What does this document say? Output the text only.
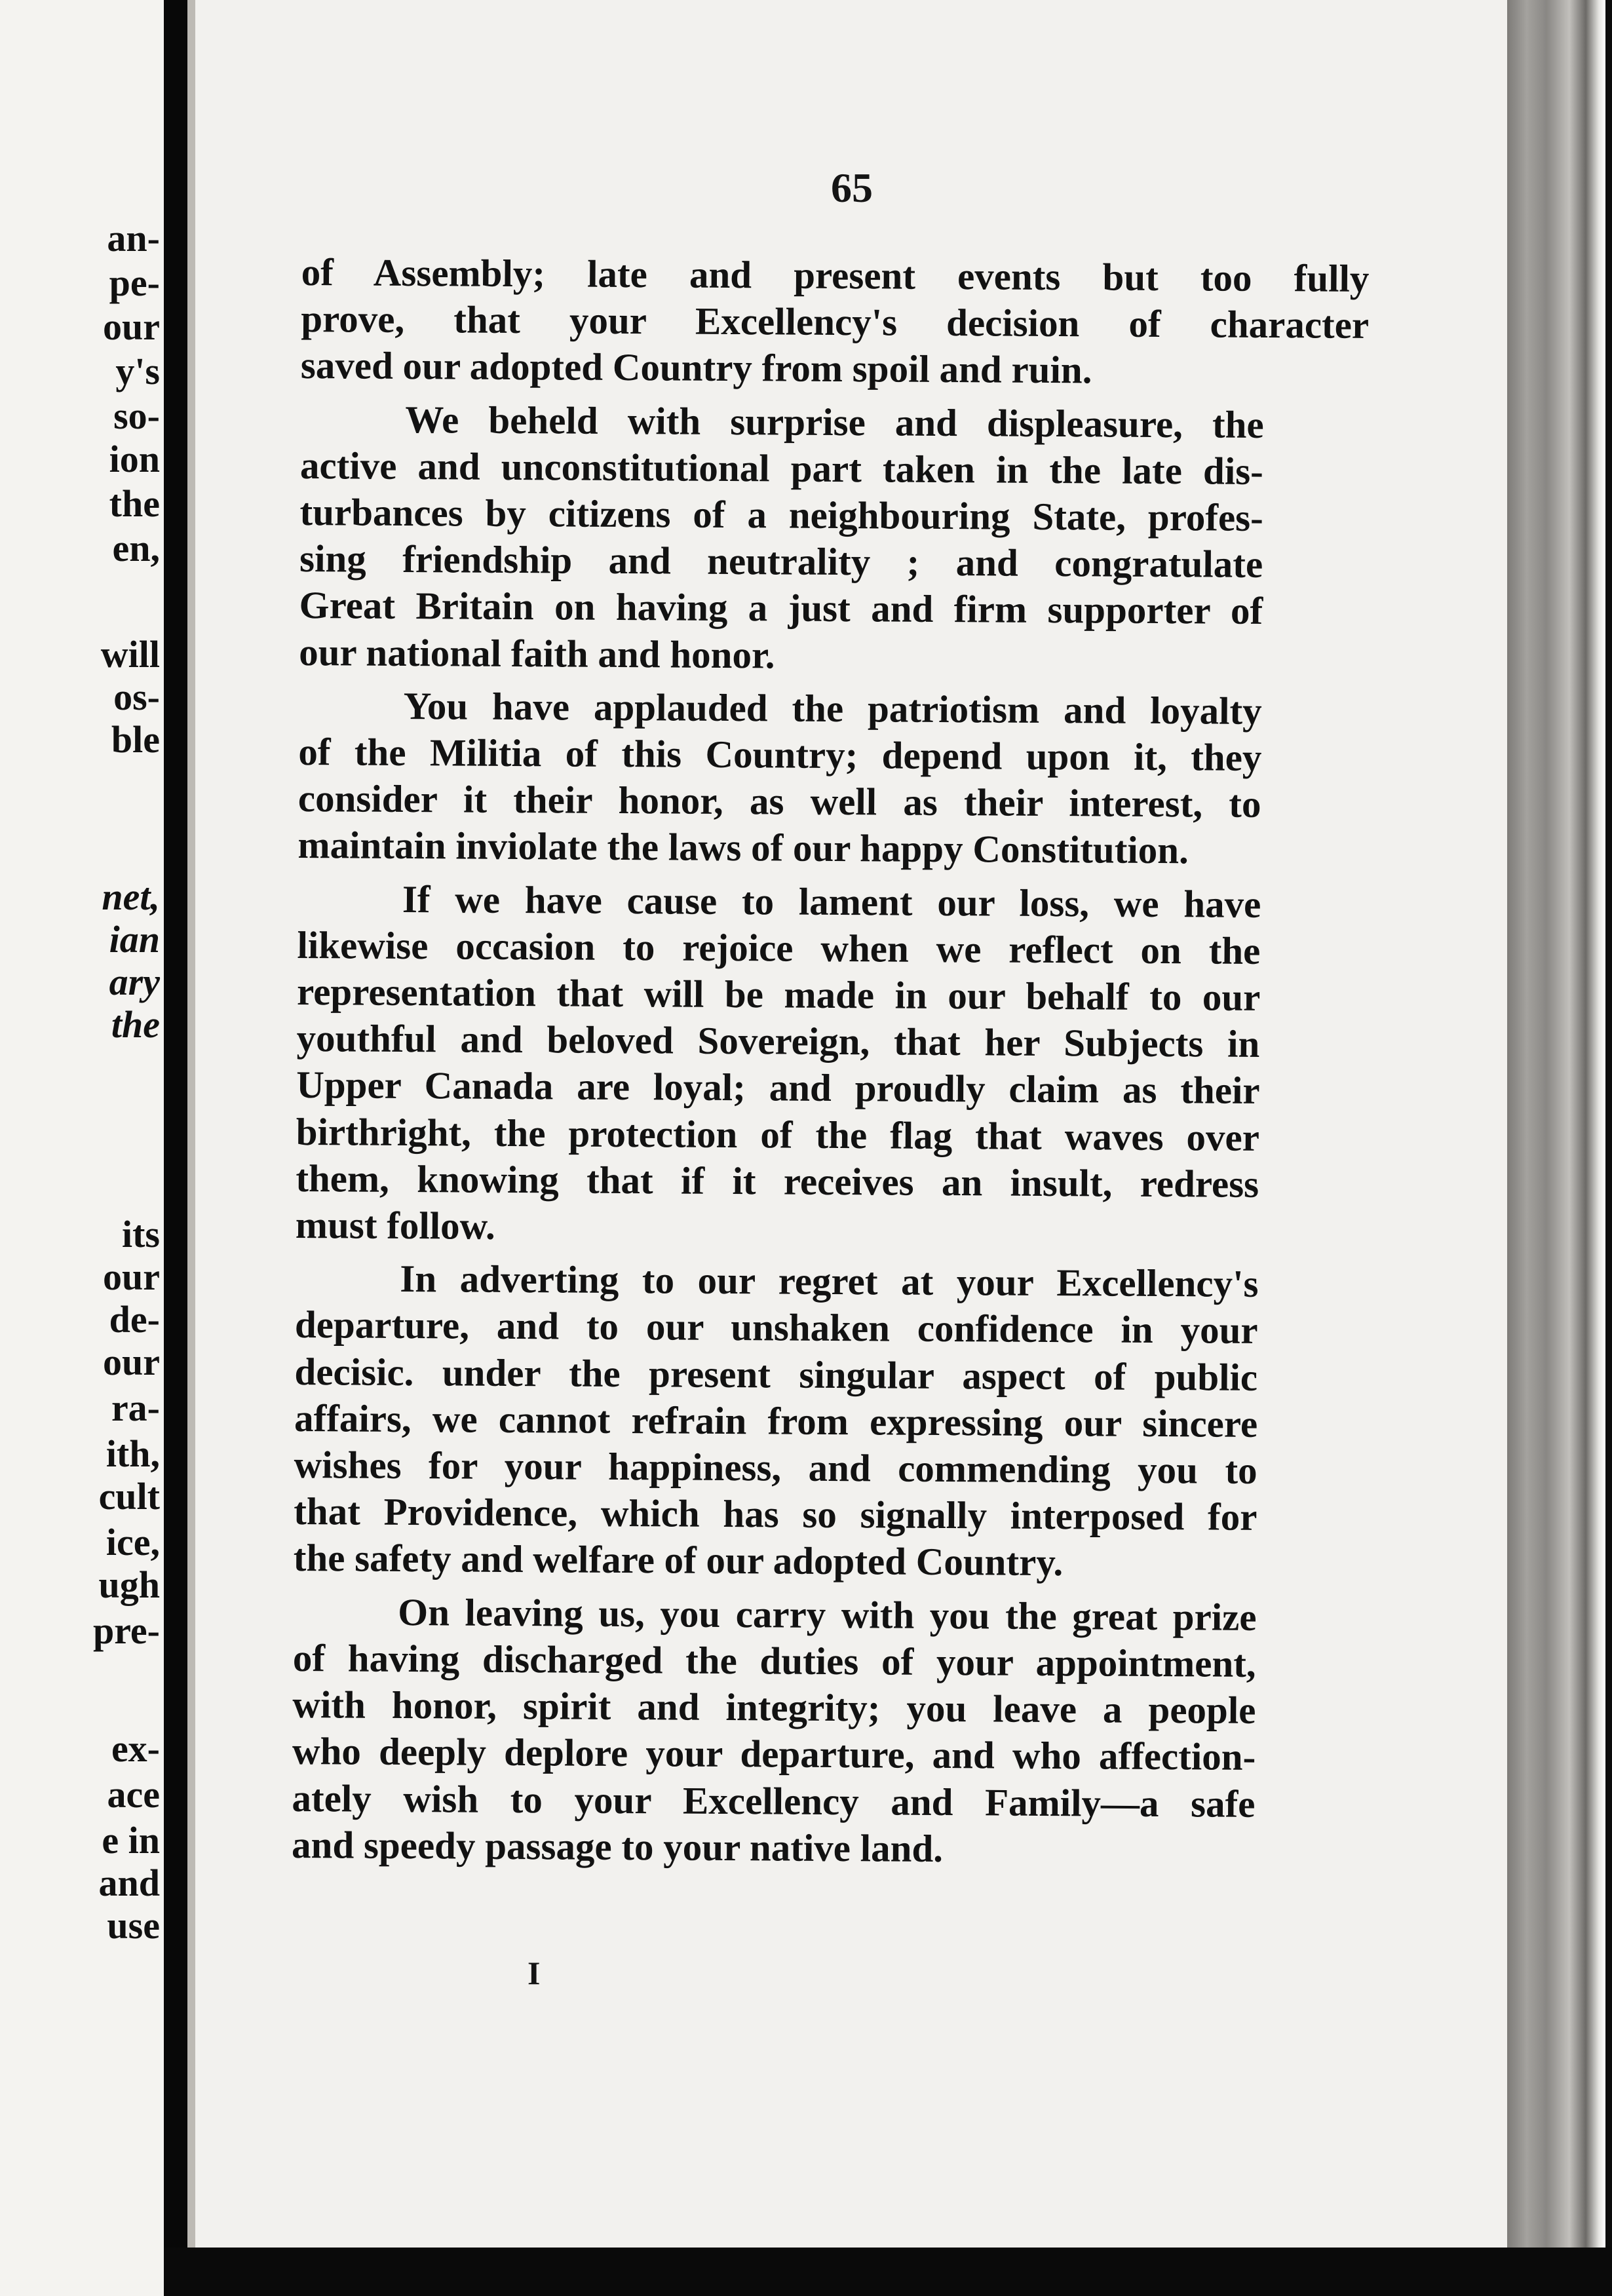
an-
pe-
our
y's
so-
ion
the
en,
will
os-
ble
net,
ian
ary
the
its
our
de-
our
ra-
ith,
cult
ice,
ugh
pre-
ex-
ace
e in
and
use
65
of Assembly; late and present events but too fully
prove, that your Excellency's decision of character
saved our adopted Country from spoil and ruin.
We beheld with surprise and displeasure, the
active and unconstitutional part taken in the late dis-
turbances by citizens of a neighbouring State, profes-
sing friendship and neutrality ; and congratulate
Great Britain on having a just and firm supporter of
our national faith and honor.
You have applauded the patriotism and loyalty
of the Militia of this Country; depend upon it, they
consider it their honor, as well as their interest, to
maintain inviolate the laws of our happy Constitution.
If we have cause to lament our loss, we have
likewise occasion to rejoice when we reflect on the
representation that will be made in our behalf to our
youthful and beloved Sovereign, that her Subjects in
Upper Canada are loyal; and proudly claim as their
birthright, the protection of the flag that waves over
them, knowing that if it receives an insult, redress
must follow.
In adverting to our regret at your Excellency's
departure, and to our unshaken confidence in your
decisic. under the present singular aspect of public
affairs, we cannot refrain from expressing our sincere
wishes for your happiness, and commending you to
that Providence, which has so signally interposed for
the safety and welfare of our adopted Country.
On leaving us, you carry with you the great prize
of having discharged the duties of your appointment,
with honor, spirit and integrity; you leave a people
who deeply deplore your departure, and who affection-
ately wish to your Excellency and Family—a safe
and speedy passage to your native land.
I
